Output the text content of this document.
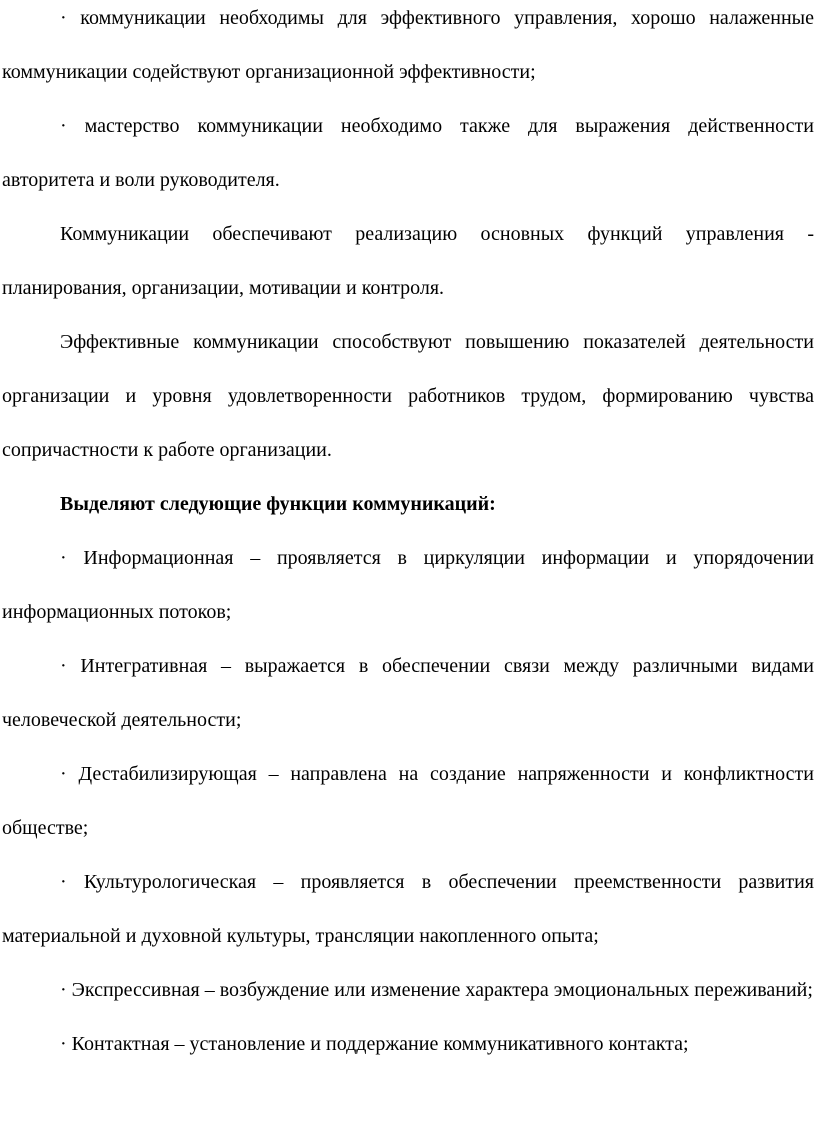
· коммуникации необходимы для эффективного управления, хорошо налаженные коммуникации содействуют организационной эффективности;

· мастерство коммуникации необходимо также для выражения действенности авторитета и воли руководителя.

Коммуникации обеспечивают реализацию основных функций управления - планирования, организации, мотивации и контроля.

Эффективные коммуникации способствуют повышению показателей деятельности организации и уровня удовлетворенности работников трудом, формированию чувства сопричастности к работе организации.

Выделяют следующие функции коммуникаций:

· Информационная – проявляется в циркуляции информации и упорядочении информационных потоков;

· Интегративная – выражается в обеспечении связи между различными видами человеческой деятельности;

· Дестабилизирующая – направлена на создание напряженности и конфликтности обществе;

· Культурологическая – проявляется в обеспечении преемственности развития материальной и духовной культуры, трансляции накопленного опыта;

· Экспрессивная – возбуждение или изменение характера эмоциональных переживаний;

· Контактная – установление и поддержание коммуникативного контакта;
